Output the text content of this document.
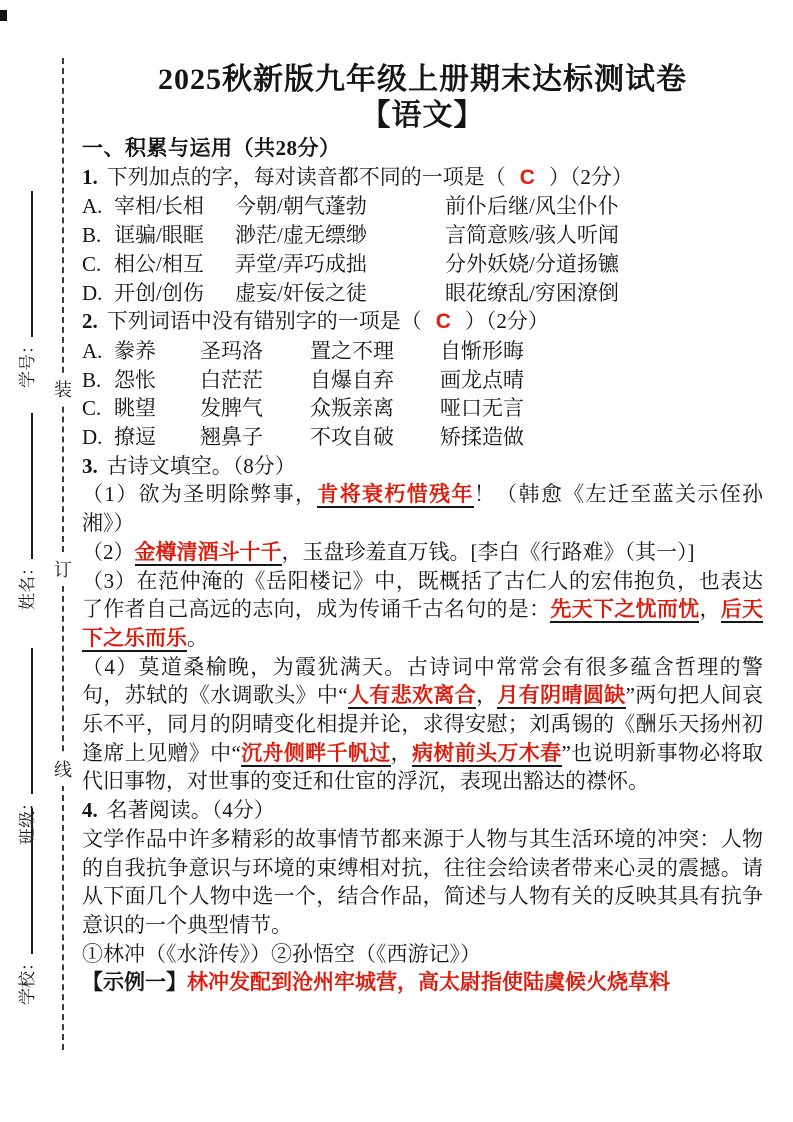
学号：
姓名：
班级：
学校：
装
订
线
2025秋新版九年级上册期末达标测试卷
【语文】

一、积累与运用（共28分）

1. 下列加点的字，每对读音都不同的一项是（ C ）（2分）

A. 宰相/长相	今朝/朝气蓬勃	前仆后继/风尘仆仆
B. 诓骗/眼眶	渺茫/虚无缥缈	言简意赅/骇人听闻
C. 相公/相互	弄堂/弄巧成拙	分外妖娆/分道扬镳
D. 开创/创伤	虚妄/奸佞之徒	眼花缭乱/穷困潦倒

2. 下列词语中没有错别字的一项是（ C ）（2分）

A. 豢养	圣玛洛	置之不理	自惭形晦
B. 怨怅	白茫茫	自爆自弃	画龙点晴
C. 眺望	发脾气	众叛亲离	哑口无言
D. 撩逗	翘鼻子	不攻自破	矫揉造做

3. 古诗文填空。（8分）

（1）欲为圣明除弊事，肯将衰朽惜残年！（韩愈《左迁至蓝关示侄孙湘》）

（2）金樽清酒斗十千，玉盘珍羞直万钱。[李白《行路难》（其一）]

（3）在范仲淹的《岳阳楼记》中，既概括了古仁人的宏伟抱负，也表达了作者自己高远的志向，成为传诵千古名句的是：先天下之忧而忧，后天下之乐而乐。

（4）莫道桑榆晚，为霞犹满天。古诗词中常常会有很多蕴含哲理的警句，苏轼的《水调歌头》中“人有悲欢离合，月有阴晴圆缺”两句把人间哀乐不平，同月的阴晴变化相提并论，求得安慰；刘禹锡的《酬乐天扬州初逢席上见赠》中“沉舟侧畔千帆过，病树前头万木春”也说明新事物必将取代旧事物，对世事的变迁和仕宦的浮沉，表现出豁达的襟怀。

4. 名著阅读。（4分）

文学作品中许多精彩的故事情节都来源于人物与其生活环境的冲突：人物的自我抗争意识与环境的束缚相对抗，往往会给读者带来心灵的震撼。请从下面几个人物中选一个，结合作品，简述与人物有关的反映其具有抗争意识的一个典型情节。

①林冲（《水浒传》）②孙悟空（《西游记》）

【示例一】林冲发配到沧州牢城营，高太尉指使陆虞候火烧草料
